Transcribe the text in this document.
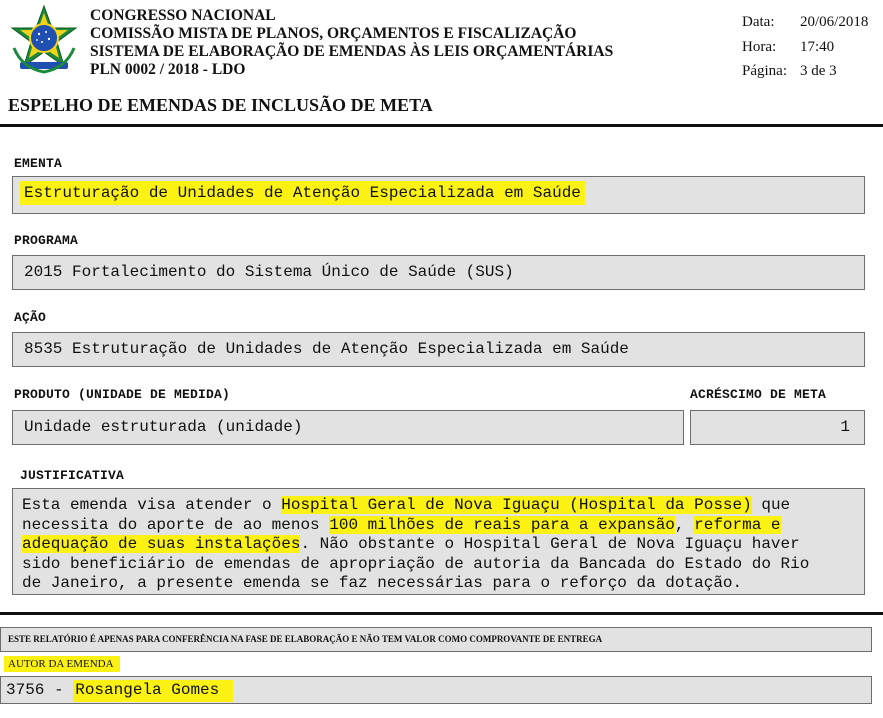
CONGRESSO NACIONAL
COMISSÃO MISTA DE PLANOS, ORÇAMENTOS E FISCALIZAÇÃO
SISTEMA DE ELABORAÇÃO DE EMENDAS ÀS LEIS ORÇAMENTÁRIAS
PLN 0002 / 2018 - LDO
Data: 20/06/2018
Hora: 17:40
Página: 3 de 3
ESPELHO DE EMENDAS DE INCLUSÃO DE META
EMENTA
Estruturação de Unidades de Atenção Especializada em Saúde
PROGRAMA
2015 Fortalecimento do Sistema Único de Saúde (SUS)
AÇÃO
8535 Estruturação de Unidades de Atenção Especializada em Saúde
PRODUTO (UNIDADE DE MEDIDA)	ACRÉSCIMO DE META
Unidade estruturada (unidade)	1
JUSTIFICATIVA
Esta emenda visa atender o Hospital Geral de Nova Iguaçu (Hospital da Posse) que
necessita do aporte de ao menos 100 milhões de reais para a expansão, reforma e
adequação de suas instalações. Não obstante o Hospital Geral de Nova Iguaçu haver
sido beneficiário de emendas de apropriação de autoria da Bancada do Estado do Rio
de Janeiro, a presente emenda se faz necessárias para o reforço da dotação.
ESTE RELATÓRIO É APENAS PARA CONFERÊNCIA NA FASE DE ELABORAÇÃO E NÃO TEM VALOR COMO COMPROVANTE DE ENTREGA
AUTOR DA EMENDA
3756 - Rosangela Gomes
